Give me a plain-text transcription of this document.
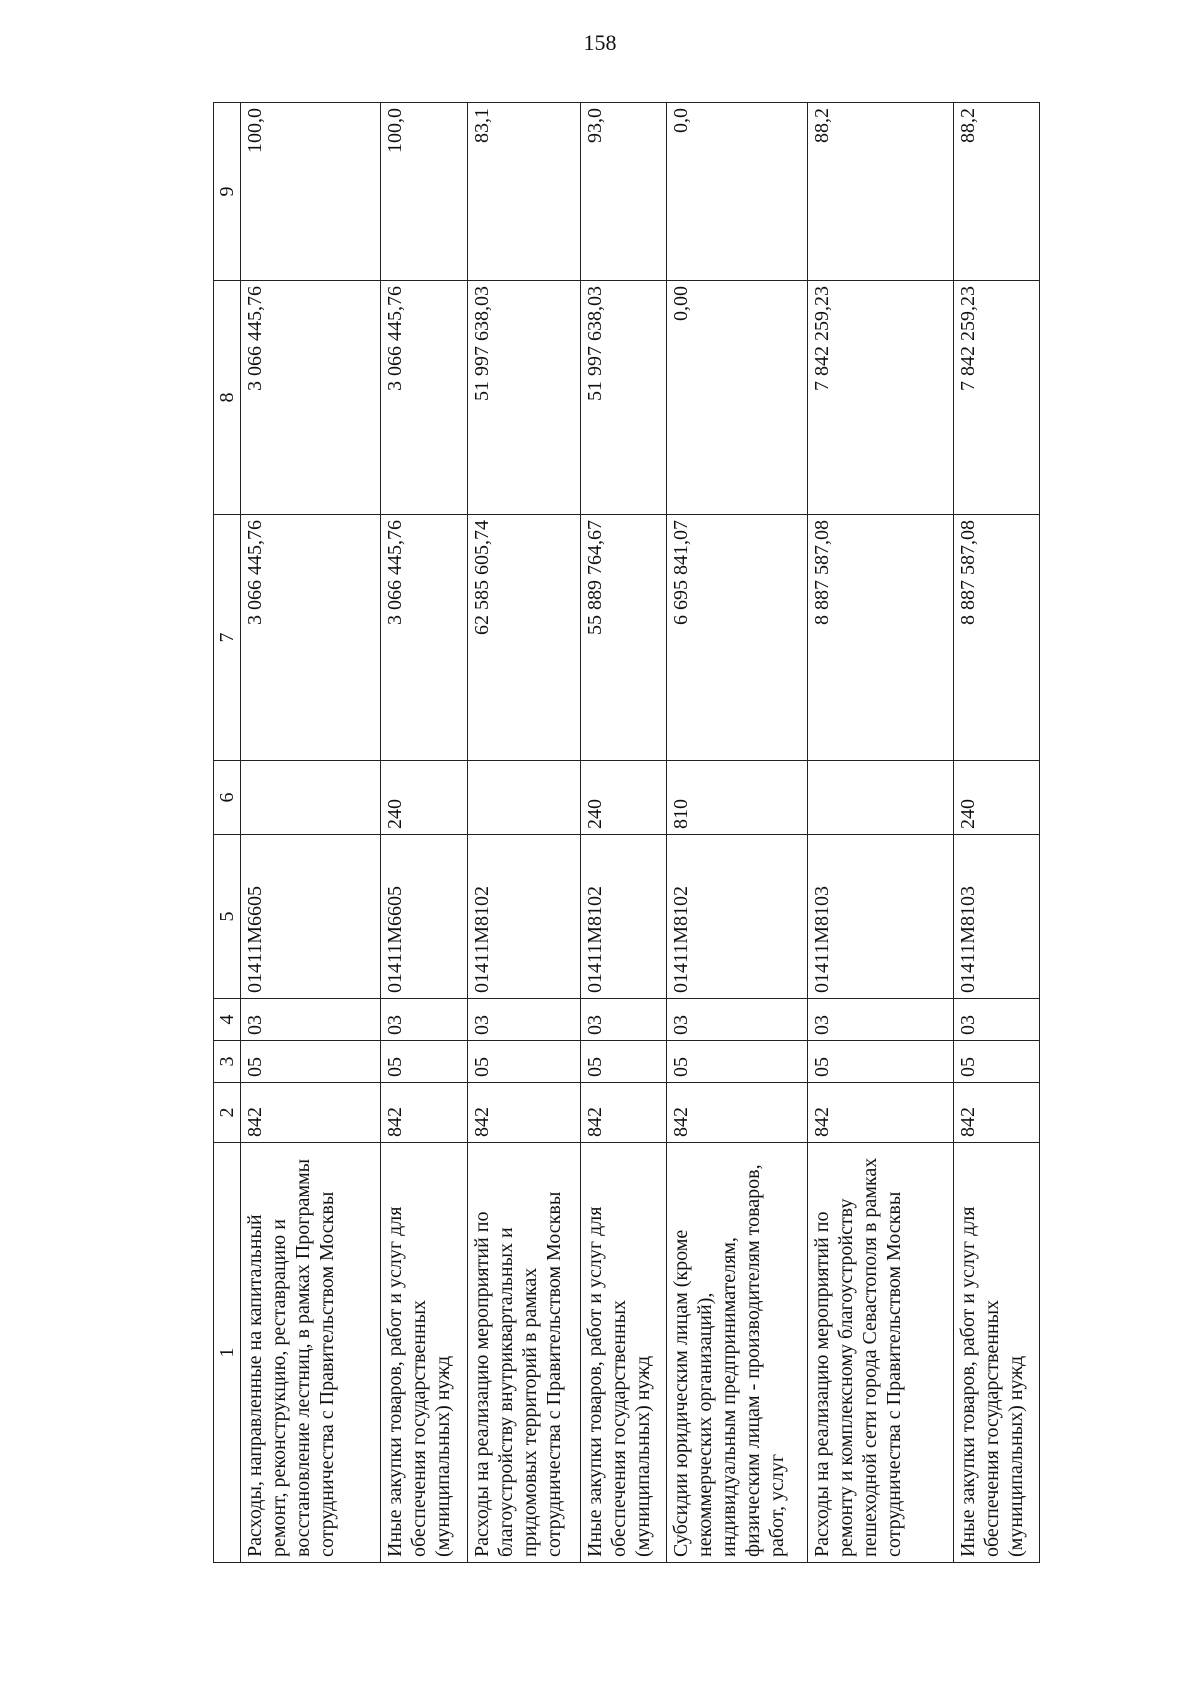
158
1	2	3	4	5	6	7	8	9
Расходы, направленные на капитальный ремонт, реконструкцию, реставрацию и восстановление лестниц, в рамках Программы сотрудничества с Правительством Москвы	842	05	03	01411M6605		3 066 445,76	3 066 445,76	100,0
Иные закупки товаров, работ и услуг для обеспечения государственных (муниципальных) нужд	842	05	03	01411M6605	240	3 066 445,76	3 066 445,76	100,0
Расходы на реализацию мероприятий по благоустройству внутриквартальных и придомовых территорий в рамках сотрудничества с Правительством Москвы	842	05	03	01411M8102		62 585 605,74	51 997 638,03	83,1
Иные закупки товаров, работ и услуг для обеспечения государственных (муниципальных) нужд	842	05	03	01411M8102	240	55 889 764,67	51 997 638,03	93,0
Субсидии юридическим лицам (кроме некоммерческих организаций), индивидуальным предпринимателям, физическим лицам - производителям товаров, работ, услуг	842	05	03	01411M8102	810	6 695 841,07	0,00	0,0
Расходы на реализацию мероприятий по ремонту и комплексному благоустройству пешеходной сети города Севастополя в рамках сотрудничества с Правительством Москвы	842	05	03	01411M8103		8 887 587,08	7 842 259,23	88,2
Иные закупки товаров, работ и услуг для обеспечения государственных (муниципальных) нужд	842	05	03	01411M8103	240	8 887 587,08	7 842 259,23	88,2
